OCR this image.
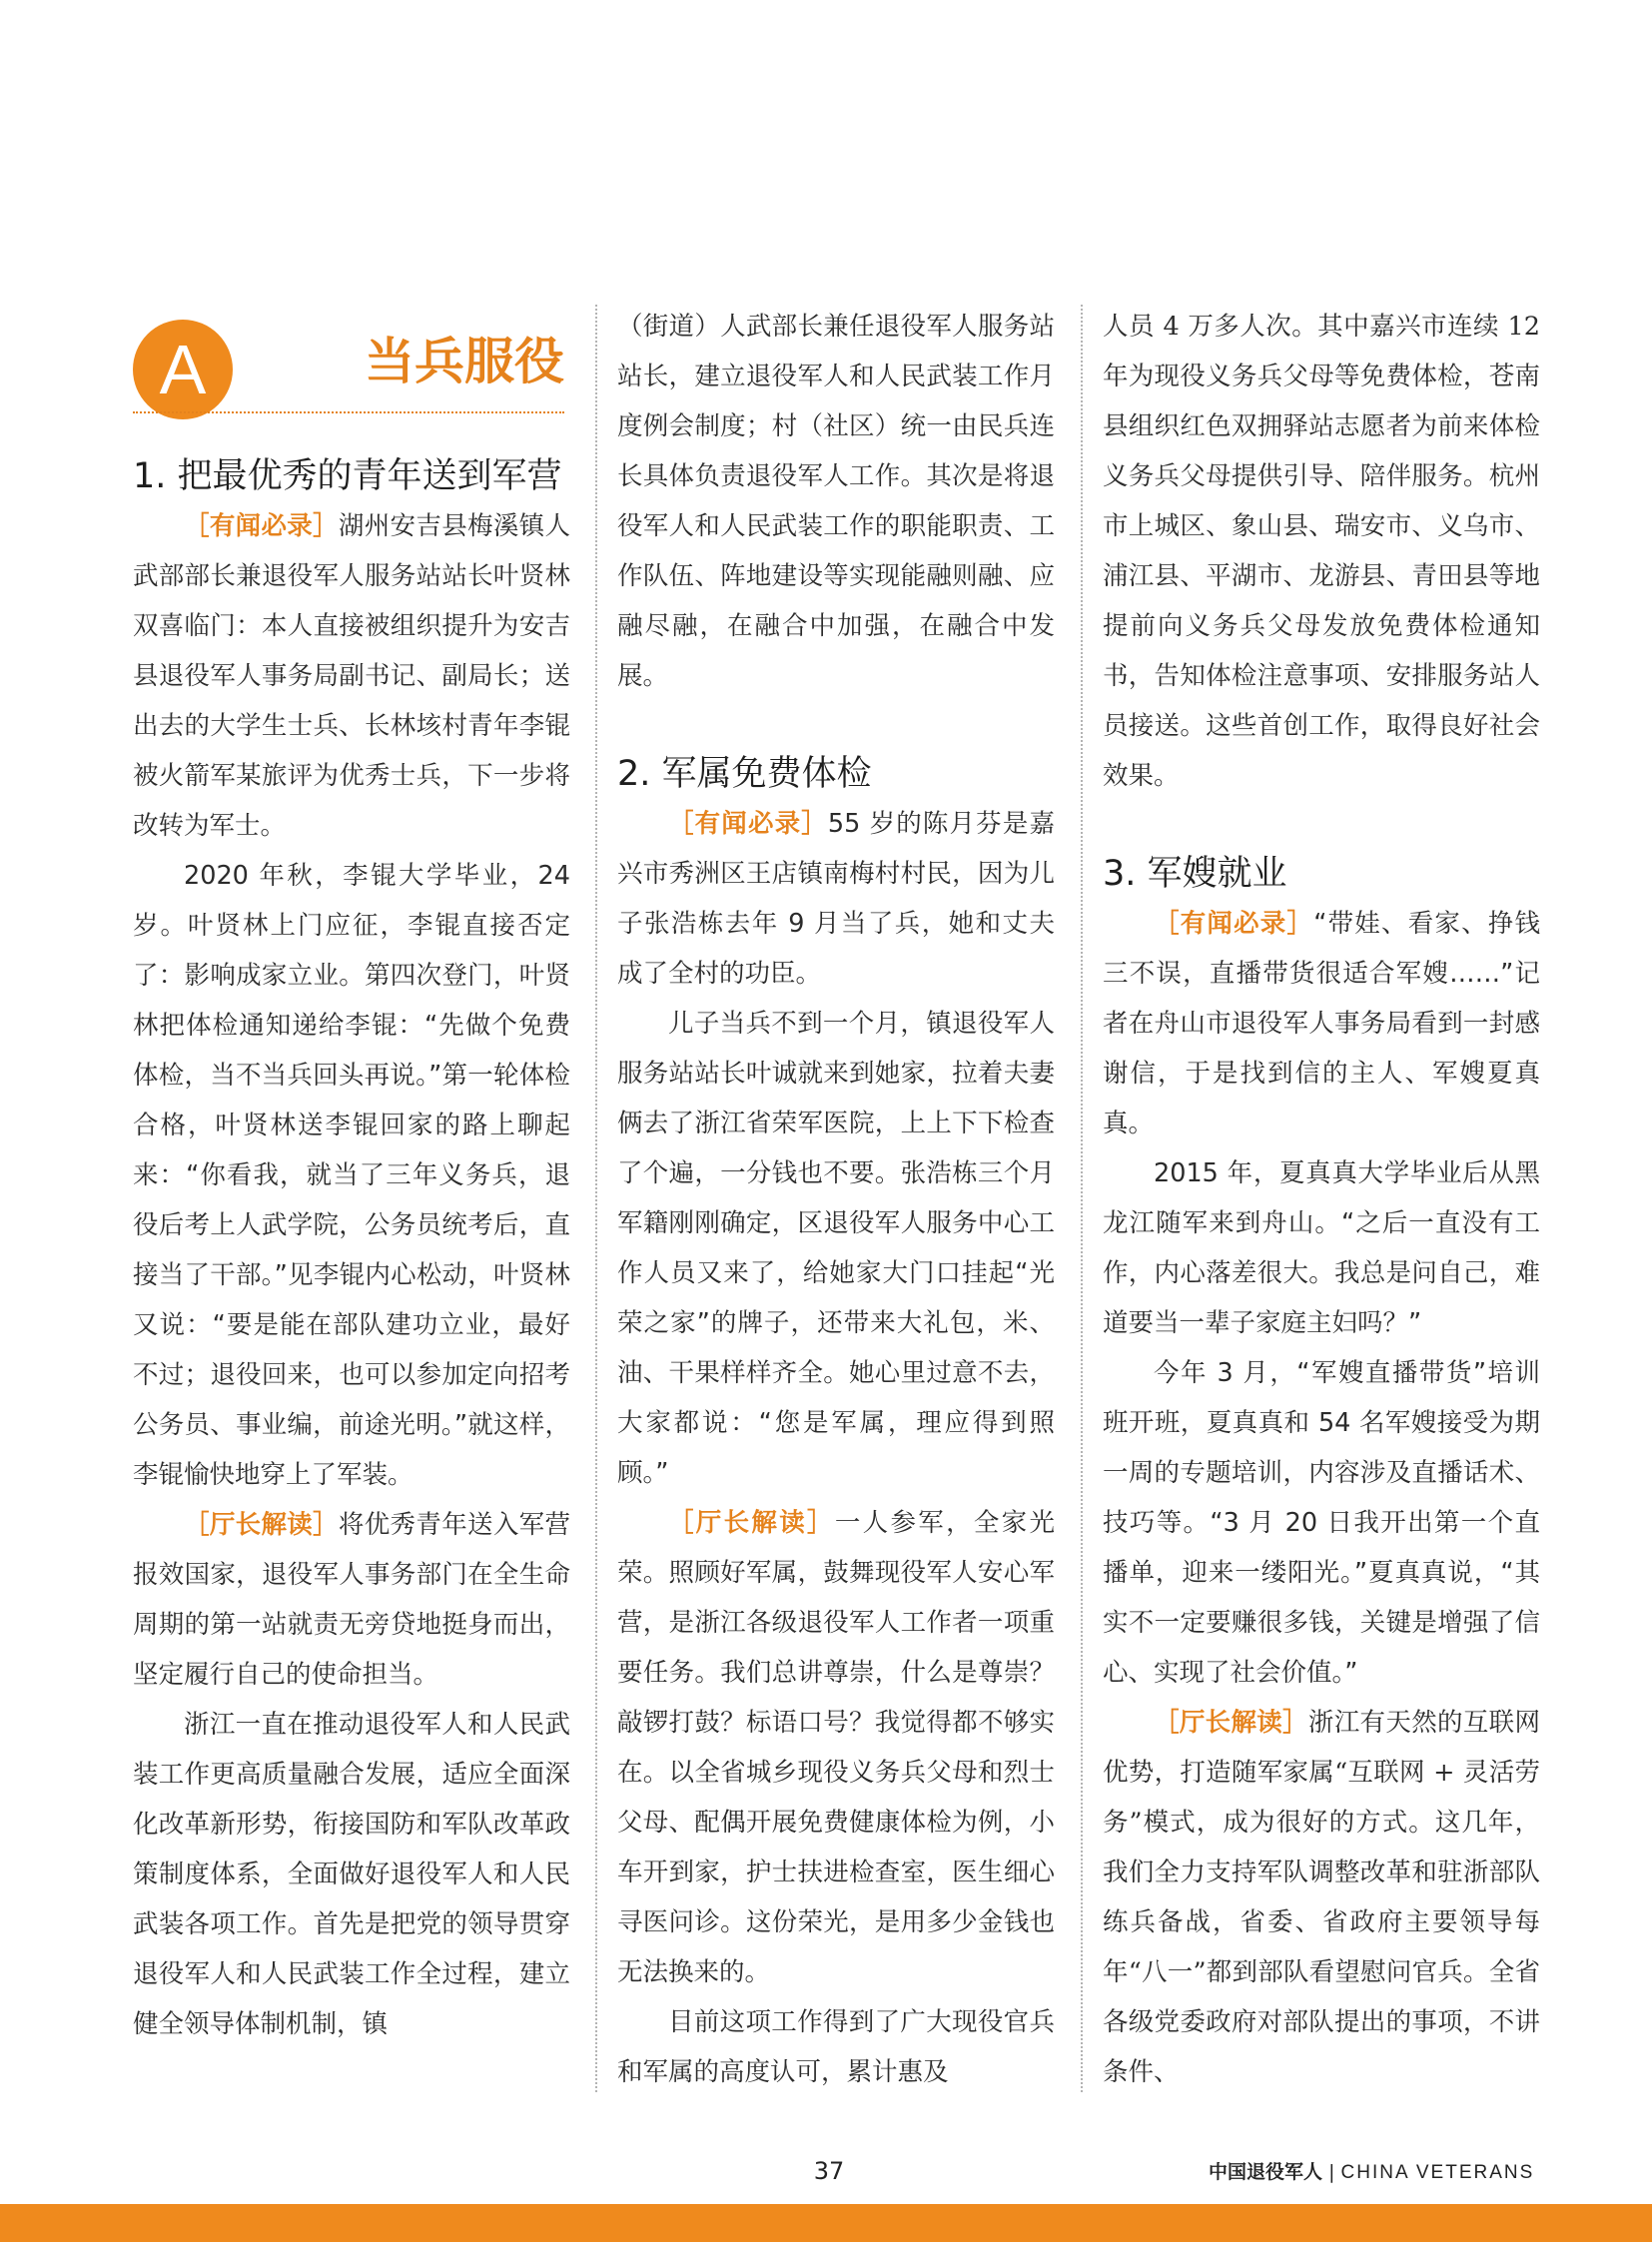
A	当兵服役
1. 把最优秀的青年送到军营

［有闻必录］湖州安吉县梅溪镇人武部部长兼退役军人服务站站长叶贤林双喜临门：本人直接被组织提升为安吉县退役军人事务局副书记、副局长；送出去的大学生士兵、长林垓村青年李锟被火箭军某旅评为优秀士兵，下一步将改转为军士。

2020 年秋，李锟大学毕业，24 岁。叶贤林上门应征，李锟直接否定了：影响成家立业。第四次登门，叶贤林把体检通知递给李锟：“先做个免费体检，当不当兵回头再说。”第一轮体检合格，叶贤林送李锟回家的路上聊起来：“你看我，就当了三年义务兵，退役后考上人武学院，公务员统考后，直接当了干部。”见李锟内心松动，叶贤林又说：“要是能在部队建功立业，最好不过；退役回来，也可以参加定向招考公务员、事业编，前途光明。”就这样，李锟愉快地穿上了军装。

［厅长解读］将优秀青年送入军营报效国家，退役军人事务部门在全生命周期的第一站就责无旁贷地挺身而出，坚定履行自己的使命担当。

浙江一直在推动退役军人和人民武装工作更高质量融合发展，适应全面深化改革新形势，衔接国防和军队改革政策制度体系，全面做好退役军人和人民武装各项工作。首先是把党的领导贯穿退役军人和人民武装工作全过程，建立健全领导体制机制，镇

（街道）人武部长兼任退役军人服务站站长，建立退役军人和人民武装工作月度例会制度；村（社区）统一由民兵连长具体负责退役军人工作。其次是将退役军人和人民武装工作的职能职责、工作队伍、阵地建设等实现能融则融、应融尽融，在融合中加强，在融合中发展。

2. 军属免费体检

［有闻必录］55 岁的陈月芬是嘉兴市秀洲区王店镇南梅村村民，因为儿子张浩栋去年 9 月当了兵，她和丈夫成了全村的功臣。

儿子当兵不到一个月，镇退役军人服务站站长叶诚就来到她家，拉着夫妻俩去了浙江省荣军医院，上上下下检查了个遍，一分钱也不要。张浩栋三个月军籍刚刚确定，区退役军人服务中心工作人员又来了，给她家大门口挂起“光荣之家”的牌子，还带来大礼包，米、油、干果样样齐全。她心里过意不去，大家都说：“您是军属，理应得到照顾。”

［厅长解读］一人参军，全家光荣。照顾好军属，鼓舞现役军人安心军营，是浙江各级退役军人工作者一项重要任务。我们总讲尊崇，什么是尊崇？敲锣打鼓？标语口号？我觉得都不够实在。以全省城乡现役义务兵父母和烈士父母、配偶开展免费健康体检为例，小车开到家，护士扶进检查室，医生细心寻医问诊。这份荣光，是用多少金钱也无法换来的。

目前这项工作得到了广大现役官兵和军属的高度认可，累计惠及

人员 4 万多人次。其中嘉兴市连续 12 年为现役义务兵父母等免费体检，苍南县组织红色双拥驿站志愿者为前来体检义务兵父母提供引导、陪伴服务。杭州市上城区、象山县、瑞安市、义乌市、浦江县、平湖市、龙游县、青田县等地提前向义务兵父母发放免费体检通知书，告知体检注意事项、安排服务站人员接送。这些首创工作，取得良好社会效果。

3. 军嫂就业

［有闻必录］“带娃、看家、挣钱三不误，直播带货很适合军嫂……”记者在舟山市退役军人事务局看到一封感谢信，于是找到信的主人、军嫂夏真真。

2015 年，夏真真大学毕业后从黑龙江随军来到舟山。“之后一直没有工作，内心落差很大。我总是问自己，难道要当一辈子家庭主妇吗？”

今年 3 月，“军嫂直播带货”培训班开班，夏真真和 54 名军嫂接受为期一周的专题培训，内容涉及直播话术、技巧等。“3 月 20 日我开出第一个直播单，迎来一缕阳光。”夏真真说，“其实不一定要赚很多钱，关键是增强了信心、实现了社会价值。”

［厅长解读］浙江有天然的互联网优势，打造随军家属“互联网 + 灵活劳务”模式，成为很好的方式。这几年，我们全力支持军队调整改革和驻浙部队练兵备战，省委、省政府主要领导每年“八一”都到部队看望慰问官兵。全省各级党委政府对部队提出的事项，不讲条件、

37	中国退役军人 | CHINA VETERANS
